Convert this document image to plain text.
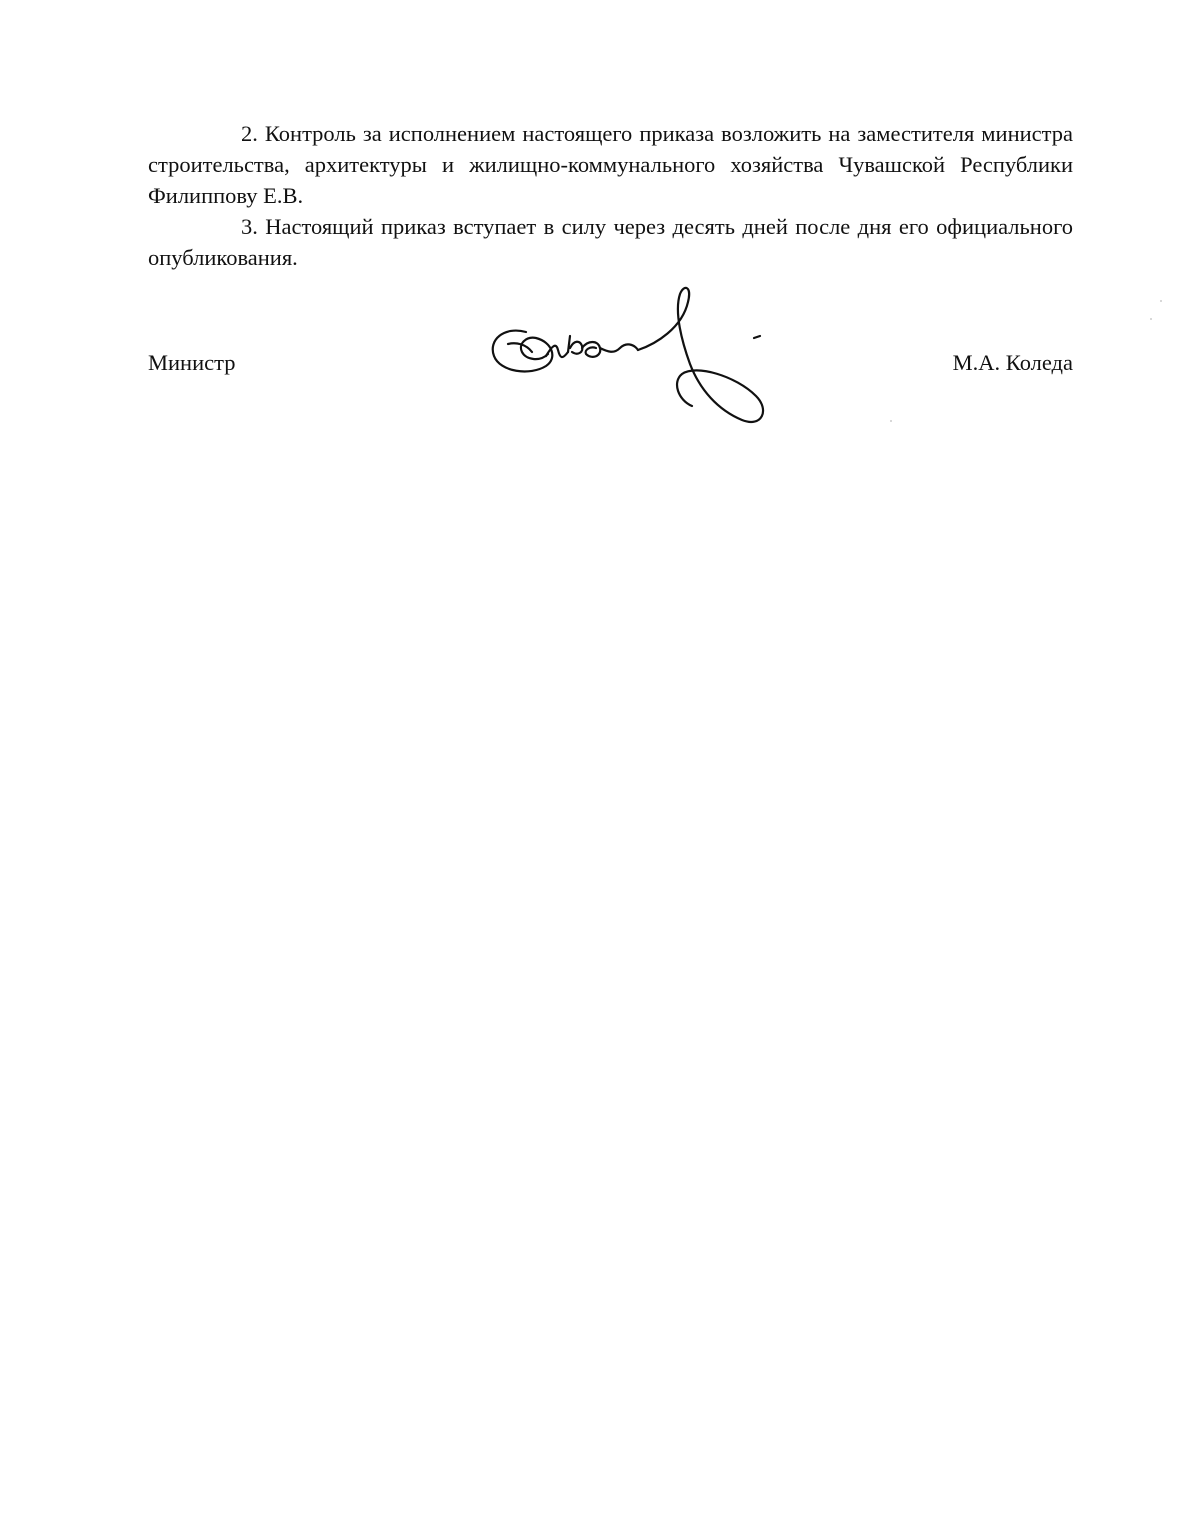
2. Контроль за исполнением настоящего приказа возложить на заместителя министра строительства, архитектуры и жилищно-коммунального хозяйства Чувашской Республики Филиппову Е.В.

3. Настоящий приказ вступает в силу через десять дней после дня его официального опубликования.

Министр	М.А. Коледа
